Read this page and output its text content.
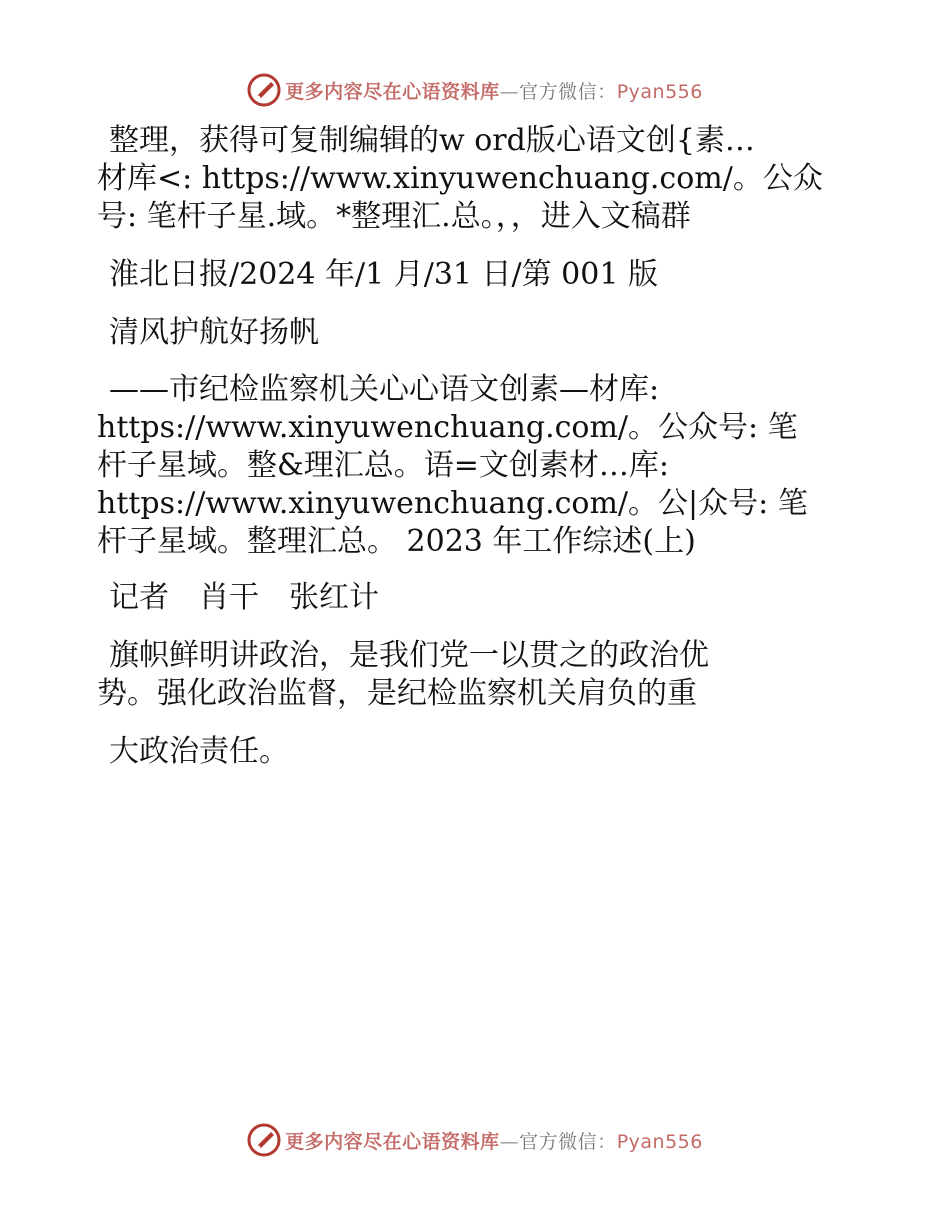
更多内容尽在心语资料库—官方微信：Pyan556
整理，获得可复制编辑的w ord版心语文创{素…
材库<: https://www.xinyuwenchuang.com/。公众
号: 笔杆子星.域。*整理汇.总。，，进入文稿群
淮北日报/2024 年/1 月/31 日/第 001 版
清风护航好扬帆
——市纪检监察机关心心语文创素—材库:
https://www.xinyuwenchuang.com/。公众号: 笔
杆子星域。整&理汇总。语=文创素材…库:
https://www.xinyuwenchuang.com/。公|众号: 笔
杆子星域。整理汇总。 2023 年工作综述(上)
记者　肖干　张红计
旗帜鲜明讲政治，是我们党一以贯之的政治优
势。强化政治监督，是纪检监察机关肩负的重
大政治责任。
更多内容尽在心语资料库—官方微信：Pyan556
